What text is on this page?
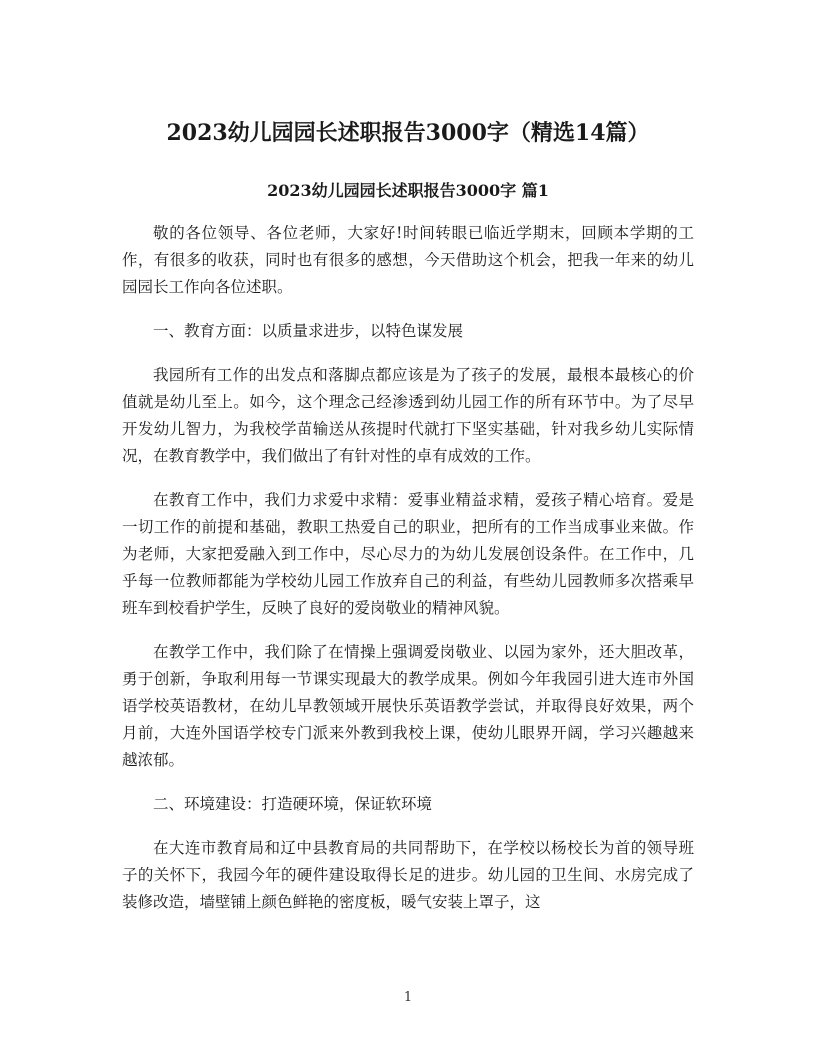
2023幼儿园园长述职报告3000字（精选14篇）
2023幼儿园园长述职报告3000字 篇1

敬的各位领导、各位老师，大家好!时间转眼已临近学期末，回顾本学期的工作，有很多的收获，同时也有很多的感想，今天借助这个机会，把我一年来的幼儿园园长工作向各位述职。

一、教育方面：以质量求进步，以特色谋发展

我园所有工作的出发点和落脚点都应该是为了孩子的发展，最根本最核心的价值就是幼儿至上。如今，这个理念己经渗透到幼儿园工作的所有环节中。为了尽早开发幼儿智力，为我校学苗输送从孩提时代就打下坚实基础，针对我乡幼儿实际情况，在教育教学中，我们做出了有针对性的卓有成效的工作。

在教育工作中，我们力求爱中求精：爱事业精益求精，爱孩子精心培育。爱是一切工作的前提和基础，教职工热爱自己的职业，把所有的工作当成事业来做。作为老师，大家把爱融入到工作中，尽心尽力的为幼儿发展创设条件。在工作中，几乎每一位教师都能为学校幼儿园工作放弃自己的利益，有些幼儿园教师多次搭乘早班车到校看护学生，反映了良好的爱岗敬业的精神风貌。

在教学工作中，我们除了在情操上强调爱岗敬业、以园为家外，还大胆改革，勇于创新，争取利用每一节课实现最大的教学成果。例如今年我园引进大连市外国语学校英语教材，在幼儿早教领域开展快乐英语教学尝试，并取得良好效果，两个月前，大连外国语学校专门派来外教到我校上课，使幼儿眼界开阔，学习兴趣越来越浓郁。

二、环境建设：打造硬环境，保证软环境

在大连市教育局和辽中县教育局的共同帮助下，在学校以杨校长为首的领导班子的关怀下，我园今年的硬件建设取得长足的进步。幼儿园的卫生间、水房完成了装修改造，墙壁铺上颜色鲜艳的密度板，暖气安装上罩子，这

1
